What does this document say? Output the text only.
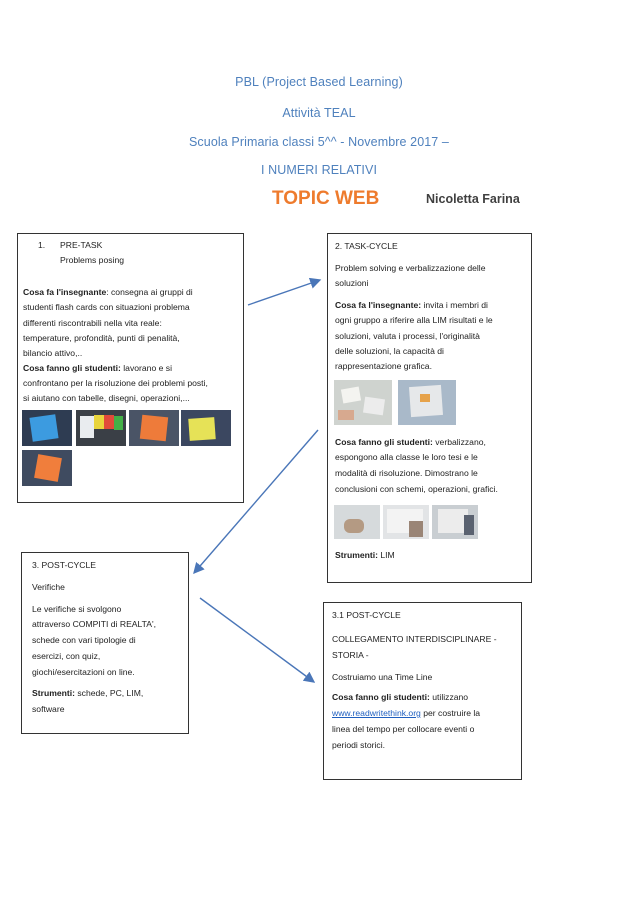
PBL (Project Based Learning)
Attività TEAL
Scuola Primaria classi 5^^ - Novembre 2017 –
I NUMERI RELATIVI
TOPIC WEB	Nicoletta Farina
1. PRE-TASK
Problems posing
Cosa fa l'insegnante: consegna ai gruppi di
studenti flash cards con situazioni problema
differenti riscontrabili nella vita reale:
temperature, profondità, punti di penalità,
bilancio attivo,..
Cosa fanno gli studenti: lavorano e si
confrontano per la risoluzione dei problemi posti,
si aiutano con tabelle, disegni, operazioni,...
2. TASK-CYCLE
Problem solving e verbalizzazione delle
soluzioni
Cosa fa l'insegnante: invita i membri di
ogni gruppo a riferire alla LIM risultati e le
soluzioni, valuta i processi, l'originalità
delle soluzioni, la capacità di
rappresentazione grafica.
Cosa fanno gli studenti: verbalizzano,
espongono alla classe le loro tesi e le
modalità di risoluzione. Dimostrano le
conclusioni con schemi, operazioni, grafici.
Strumenti: LIM
3. POST-CYCLE
Verifiche
Le verifiche si svolgono
attraverso COMPITI di REALTA',
schede con vari tipologie di
esercizi, con quiz,
giochi/esercitazioni on line.
Strumenti: schede, PC, LIM,
software
3.1 POST-CYCLE
COLLEGAMENTO INTERDISCIPLINARE -
STORIA -
Costruiamo una Time Line
Cosa fanno gli studenti: utilizzano
www.readwritethink.org per costruire la
linea del tempo per collocare eventi o
periodi storici.
